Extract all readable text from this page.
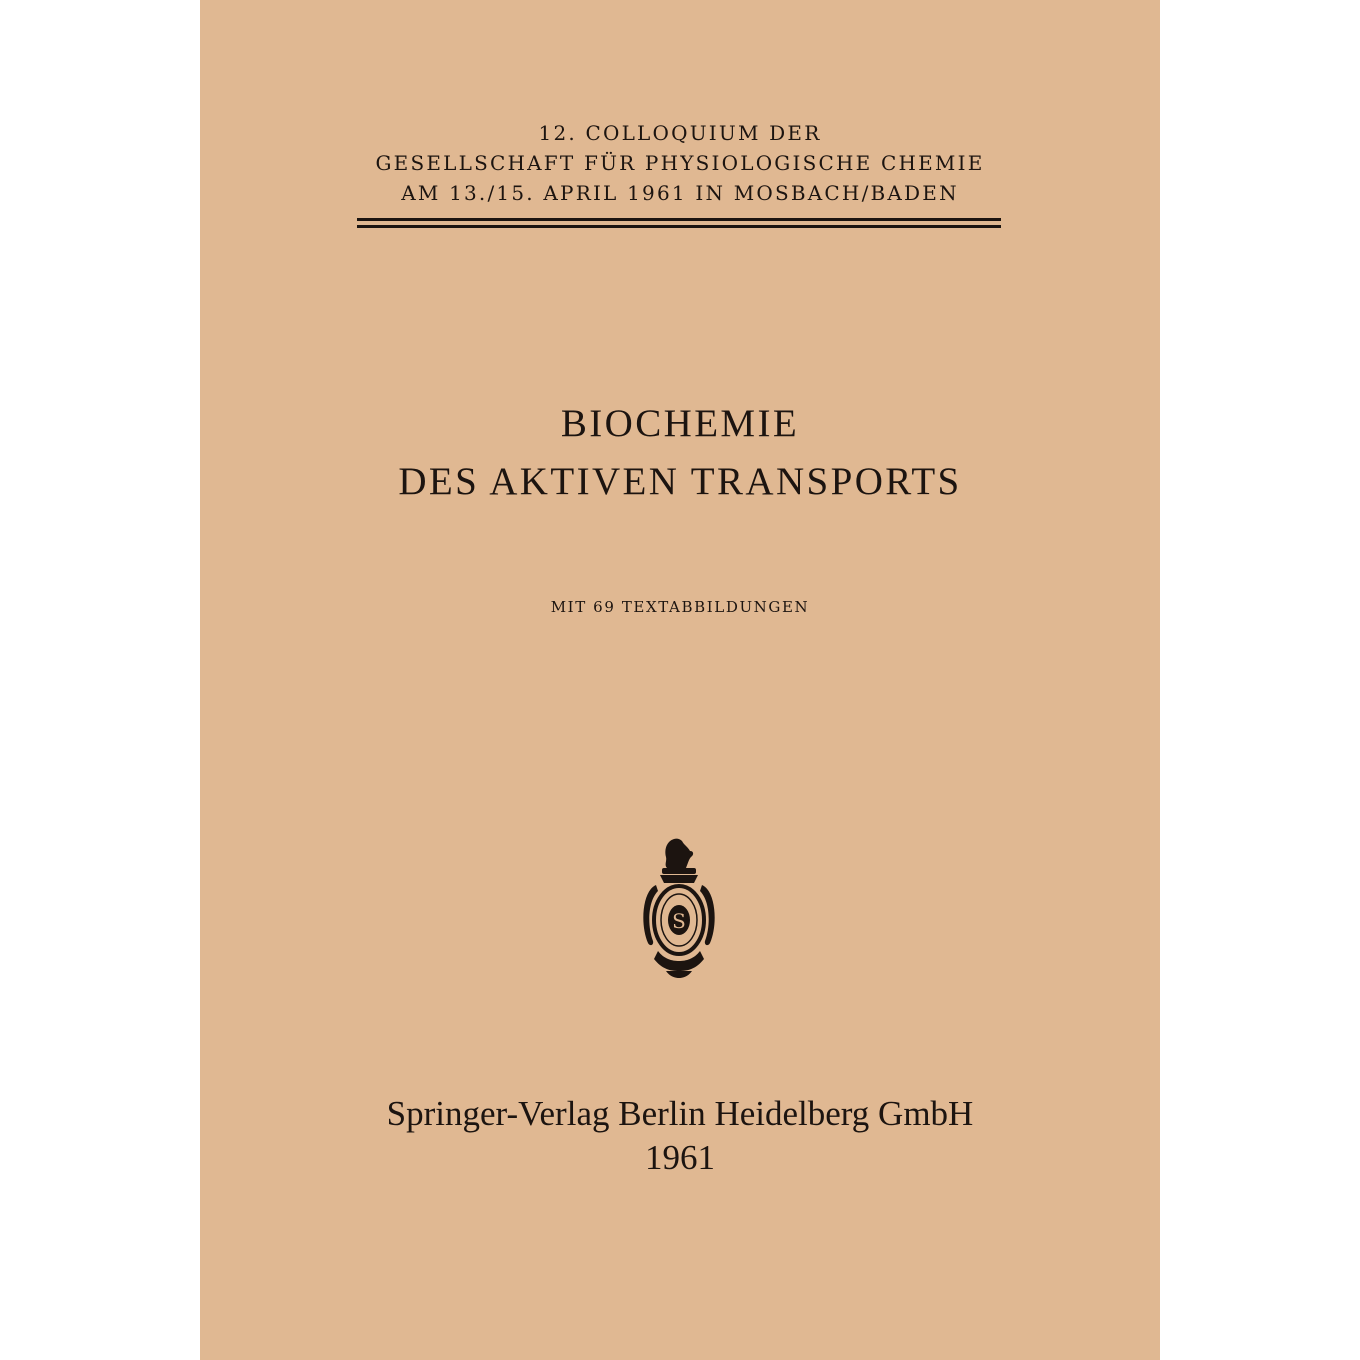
12. COLLOQUIUM DER
GESELLSCHAFT FÜR PHYSIOLOGISCHE CHEMIE
AM 13./15. APRIL 1961 IN MOSBACH/BADEN
BIOCHEMIE
DES AKTIVEN TRANSPORTS
MIT 69 TEXTABBILDUNGEN
S
Springer-Verlag Berlin Heidelberg GmbH
1961
